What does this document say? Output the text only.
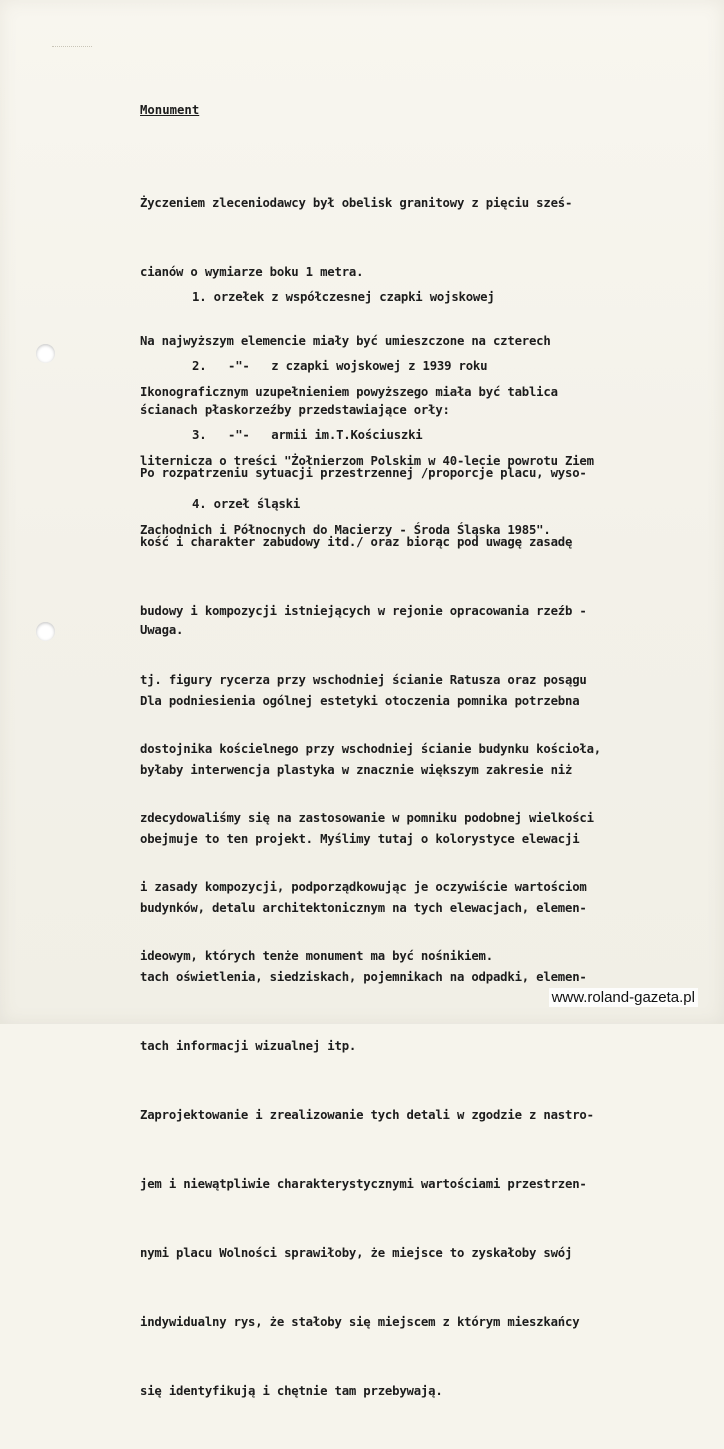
Monument

Życzeniem zleceniodawcy był obelisk granitowy z pięciu sześ-

cianów o wymiarze boku 1 metra.

Na najwyższym elemencie miały być umieszczone na czterech

ścianach płaskorzeźby przedstawiające orły:

1. orzełek z współczesnej czapki wojskowej

2.   -"-   z czapki wojskowej z 1939 roku

3.   -"-   armii im.T.Kościuszki

4. orzeł śląski

Ikonograficznym uzupełnieniem powyższego miała być tablica

liternicza o treści "Żołnierzom Polskim w 40-lecie powrotu Ziem

Zachodnich i Północnych do Macierzy - Środa Śląska 1985".

Po rozpatrzeniu sytuacji przestrzennej /proporcje placu, wyso-

kość i charakter zabudowy itd./ oraz biorąc pod uwagę zasadę

budowy i kompozycji istniejących w rejonie opracowania rzeźb -

tj. figury rycerza przy wschodniej ścianie Ratusza oraz posągu

dostojnika kościelnego przy wschodniej ścianie budynku kościoła,

zdecydowaliśmy się na zastosowanie w pomniku podobnej wielkości

i zasady kompozycji, podporządkowując je oczywiście wartościom

ideowym, których tenże monument ma być nośnikiem.

Uwaga.

Dla podniesienia ogólnej estetyki otoczenia pomnika potrzebna

byłaby interwencja plastyka w znacznie większym zakresie niż

obejmuje to ten projekt. Myślimy tutaj o kolorystyce elewacji

budynków, detalu architektonicznym na tych elewacjach, elemen-

tach oświetlenia, siedziskach, pojemnikach na odpadki, elemen-

tach informacji wizualnej itp.

Zaprojektowanie i zrealizowanie tych detali w zgodzie z nastro-

jem i niewątpliwie charakterystycznymi wartościami przestrzen-

nymi placu Wolności sprawiłoby, że miejsce to zyskałoby swój

indywidualny rys, że stałoby się miejscem z którym mieszkańcy

się identyfikują i chętnie tam przebywają.

www.roland-gazeta.pl
